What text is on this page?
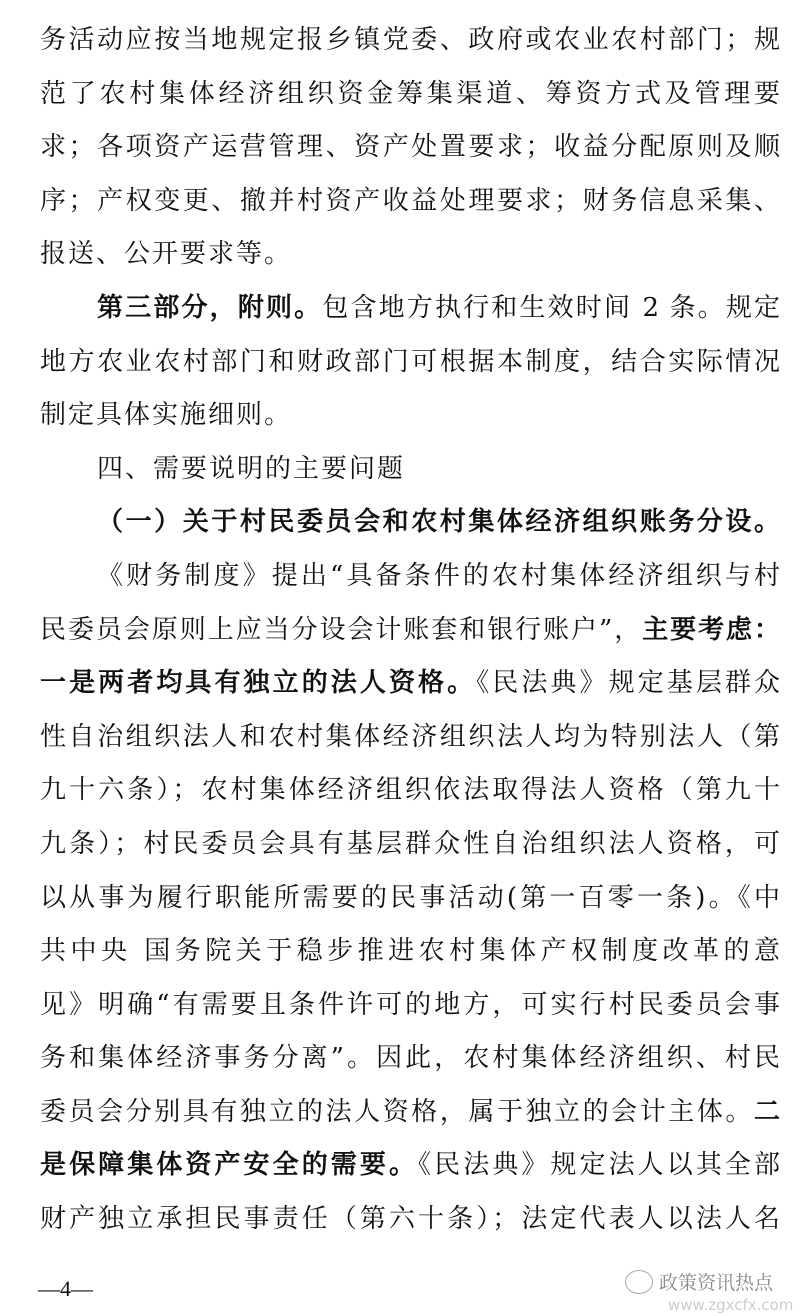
务活动应按当地规定报乡镇党委、政府或农业农村部门；规
范了农村集体经济组织资金筹集渠道、筹资方式及管理要
求；各项资产运营管理、资产处置要求；收益分配原则及顺
序；产权变更、撤并村资产收益处理要求；财务信息采集、
报送、公开要求等。
第三部分，附则。包含地方执行和生效时间 2 条。规定
地方农业农村部门和财政部门可根据本制度，结合实际情况
制定具体实施细则。
四、需要说明的主要问题
（一）关于村民委员会和农村集体经济组织账务分设。
《财务制度》提出“具备条件的农村集体经济组织与村
民委员会原则上应当分设会计账套和银行账户”，主要考虑：
一是两者均具有独立的法人资格。《民法典》规定基层群众
性自治组织法人和农村集体经济组织法人均为特别法人（第
九十六条）；农村集体经济组织依法取得法人资格（第九十
九条）；村民委员会具有基层群众性自治组织法人资格，可
以从事为履行职能所需要的民事活动(第一百零一条)。《中
共中央 国务院关于稳步推进农村集体产权制度改革的意
见》明确“有需要且条件许可的地方，可实行村民委员会事
务和集体经济事务分离”。因此，农村集体经济组织、村民
委员会分别具有独立的法人资格，属于独立的会计主体。二
是保障集体资产安全的需要。《民法典》规定法人以其全部
财产独立承担民事责任（第六十条）；法定代表人以法人名
—4—	政策资讯热点
www.zgxcfx.com
